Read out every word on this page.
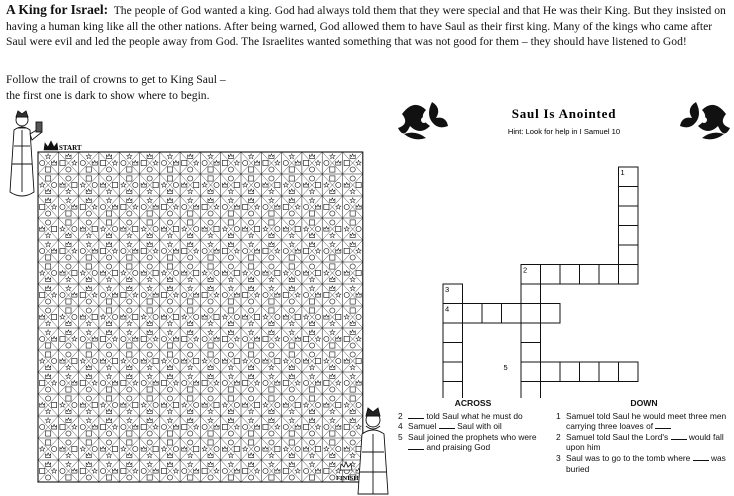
A King for Israel: The people of God wanted a king. God had always told them that they were special and that He was their King. But they insisted on having a human king like all the other nations. After being warned, God allowed them to have Saul as their first king. Many of the kings who came after Saul were evil and led the people away from God. The Israelites wanted something that was not good for them – they should have listened to God!

Follow the trail of crowns to get to King Saul –
the first one is dark to show where to begin.

START
FINISH
Saul Is Anointed
Hint: Look for help in I Samuel 10
1
2
3
4
5
ACROSS
2	told Saul what he must do
4 Samuel Saul with oil
5 Saul joined the prophets who were  and praising God
DOWN
1 Samuel told Saul he would meet three men carrying three loaves of
2 Samuel told Saul the Lord's would fall upon him
3 Saul was to go to the tomb where was buried
